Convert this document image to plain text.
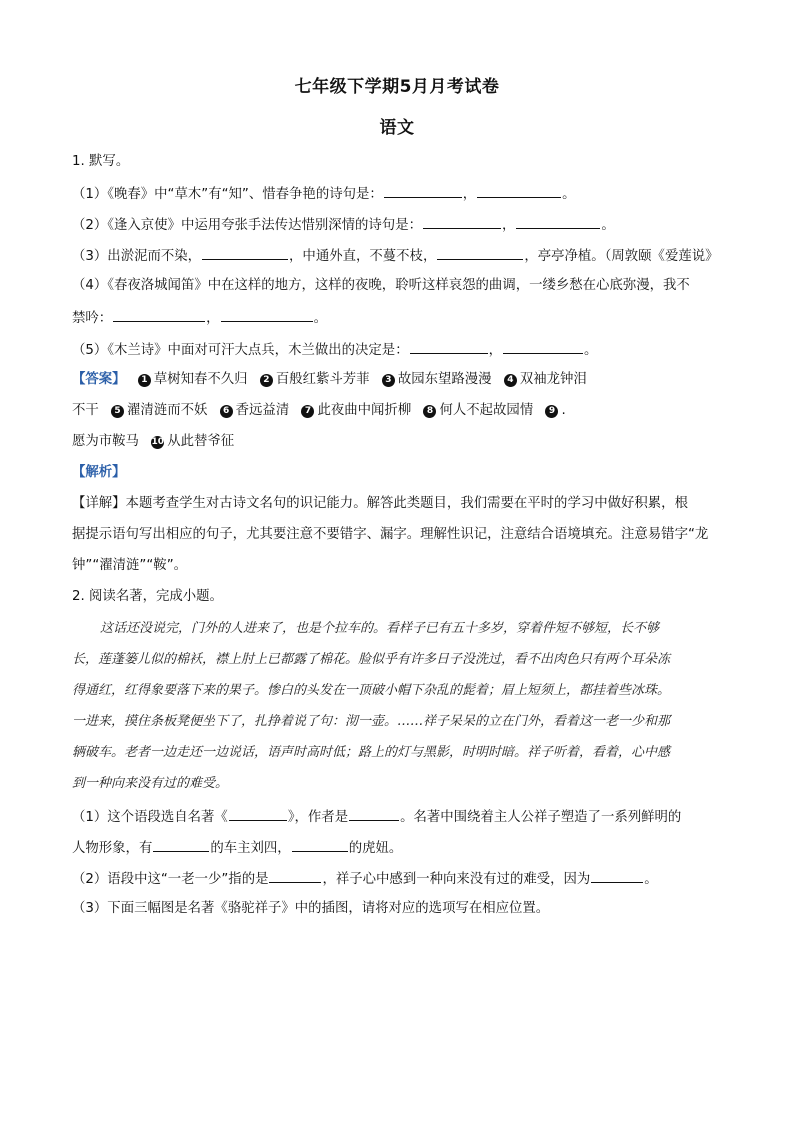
七年级下学期5月月考试卷
语文
1. 默写。
（1）《晚春》中“草木”有“知”、惜春争艳的诗句是：	，	。
（2）《逢入京使》中运用夸张手法传达惜别深情的诗句是：	，	。
（3）出淤泥而不染，	，中通外直，不蔓不枝，	，亭亭净植。（周敦颐《爱莲说》
（4）《春夜洛城闻笛》中在这样的地方，这样的夜晚，聆听这样哀怨的曲调，一缕乡愁在心底弥漫，我不
禁吟：	，	。
（5）《木兰诗》中面对可汗大点兵，木兰做出的决定是：	，	。
【答案】 1 草树知春不久归 2 百般红紫斗芳菲 3 故园东望路漫漫 4 双袖龙钟泪
不干 5 濯清涟而不妖 6 香远益清 7 此夜曲中闻折柳 8 何人不起故园情 9 .
愿为市鞍马 10 从此替爷征
【解析】
【详解】本题考查学生对古诗文名句的识记能力。解答此类题目，我们需要在平时的学习中做好积累，根
据提示语句写出相应的句子，尤其要注意不要错字、漏字。理解性识记，注意结合语境填充。注意易错字“龙
钟”“濯清涟”“鞍”。
2. 阅读名著，完成小题。
这话还没说完，门外的人进来了，也是个拉车的。看样子已有五十多岁，穿着件短不够短，长不够
长，莲蓬篓儿似的棉袄，襟上肘上已都露了棉花。脸似乎有许多日子没洗过，看不出肉色只有两个耳朵冻
得通红，红得象要落下来的果子。惨白的头发在一顶破小帽下杂乱的髭着；眉上短须上，都挂着些冰珠。
一进来，摸住条板凳便坐下了，扎挣着说了句：沏一壶。……祥子呆呆的立在门外，看着这一老一少和那
辆破车。老者一边走还一边说话，语声时高时低；路上的灯与黑影，时明时暗。祥子听着，看着，心中感
到一种向来没有过的难受。
（1）这个语段选自名著《	》，作者是	。名著中围绕着主人公祥子塑造了一系列鲜明的
人物形象，有	的车主刘四，	的虎妞。
（2）语段中这“一老一少”指的是	，祥子心中感到一种向来没有过的难受，因为	。
（3）下面三幅图是名著《骆驼祥子》中的插图，请将对应的选项写在相应位置。
